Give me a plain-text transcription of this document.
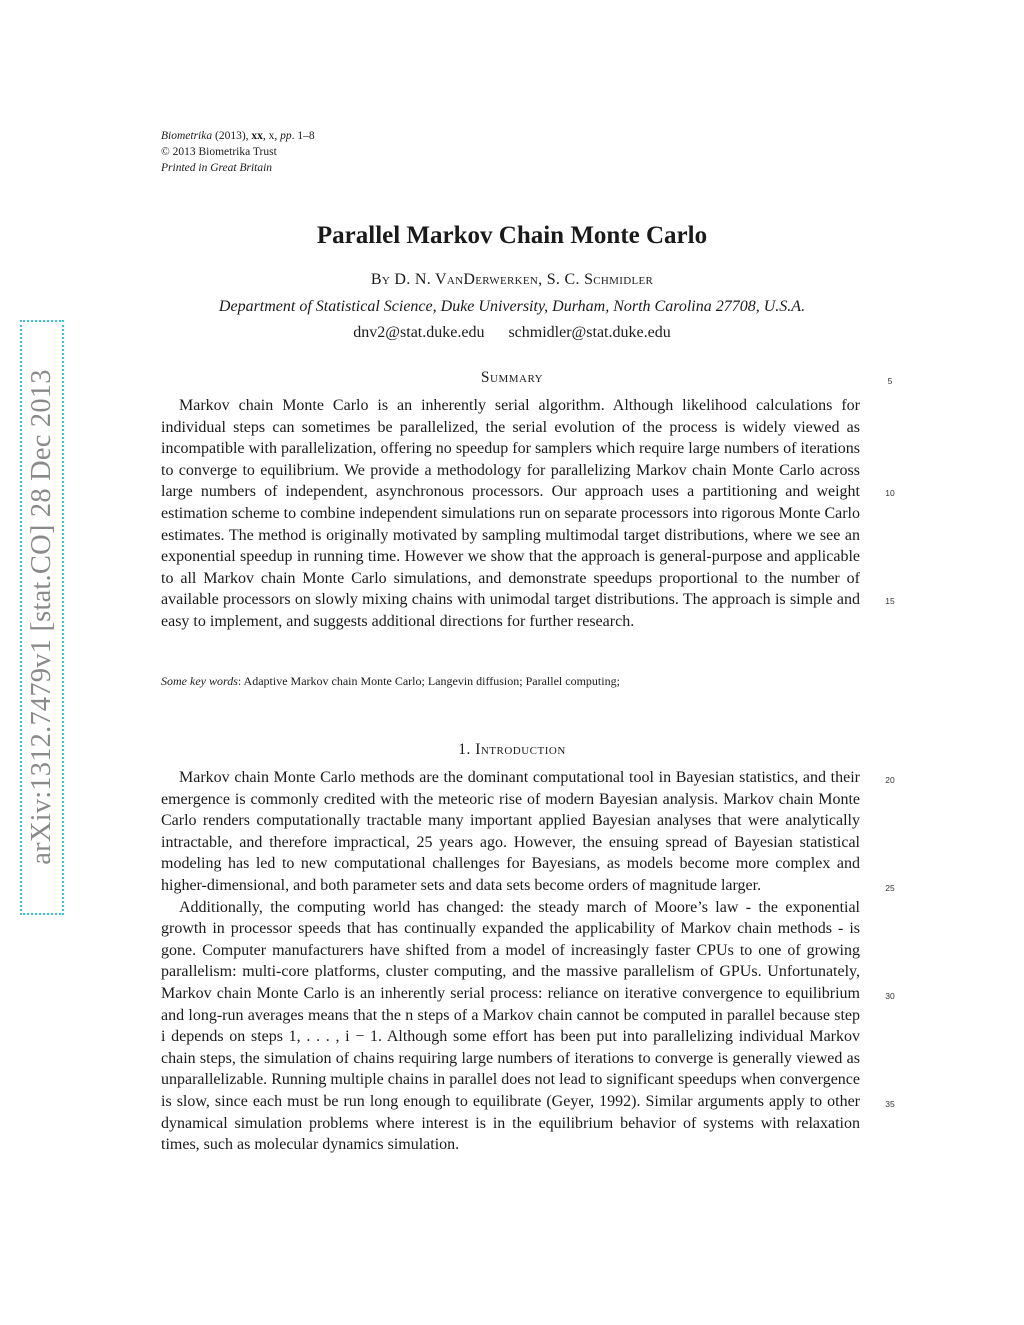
Biometrika (2013), xx, x, pp. 1–8
© 2013 Biometrika Trust
Printed in Great Britain
arXiv:1312.7479v1 [stat.CO] 28 Dec 2013
Parallel Markov Chain Monte Carlo
By D. N. VanDerwerken, S. C. Schmidler
Department of Statistical Science, Duke University, Durham, North Carolina 27708, U.S.A.
dnv2@stat.duke.edu schmidler@stat.duke.edu
Summary

Markov chain Monte Carlo is an inherently serial algorithm. Although likelihood calculations for individual steps can sometimes be parallelized, the serial evolution of the process is widely viewed as incompatible with parallelization, offering no speedup for samplers which require large numbers of iterations to converge to equilibrium. We provide a methodology for parallelizing Markov chain Monte Carlo across large numbers of independent, asynchronous processors. Our approach uses a partitioning and weight estimation scheme to combine independent simulations run on separate processors into rigorous Monte Carlo estimates. The method is originally motivated by sampling multimodal target distributions, where we see an exponential speedup in running time. However we show that the approach is general-purpose and applicable to all Markov chain Monte Carlo simulations, and demonstrate speedups proportional to the number of available processors on slowly mixing chains with unimodal target distributions. The approach is simple and easy to implement, and suggests additional directions for further research.

Some key words: Adaptive Markov chain Monte Carlo; Langevin diffusion; Parallel computing;
1. Introduction

Markov chain Monte Carlo methods are the dominant computational tool in Bayesian statistics, and their emergence is commonly credited with the meteoric rise of modern Bayesian analysis. Markov chain Monte Carlo renders computationally tractable many important applied Bayesian analyses that were analytically intractable, and therefore impractical, 25 years ago. However, the ensuing spread of Bayesian statistical modeling has led to new computational challenges for Bayesians, as models become more complex and higher-dimensional, and both parameter sets and data sets become orders of magnitude larger.

Additionally, the computing world has changed: the steady march of Moore’s law - the exponential growth in processor speeds that has continually expanded the applicability of Markov chain methods - is gone. Computer manufacturers have shifted from a model of increasingly faster CPUs to one of growing parallelism: multi-core platforms, cluster computing, and the massive parallelism of GPUs. Unfortunately, Markov chain Monte Carlo is an inherently serial process: reliance on iterative convergence to equilibrium and long-run averages means that the n steps of a Markov chain cannot be computed in parallel because step i depends on steps 1, . . . , i − 1. Although some effort has been put into parallelizing individual Markov chain steps, the simulation of chains requiring large numbers of iterations to converge is generally viewed as unparallelizable. Running multiple chains in parallel does not lead to significant speedups when convergence is slow, since each must be run long enough to equilibrate (Geyer, 1992). Similar arguments apply to other dynamical simulation problems where interest is in the equilibrium behavior of systems with relaxation times, such as molecular dynamics simulation.

5
10
15
20
25
30
35
